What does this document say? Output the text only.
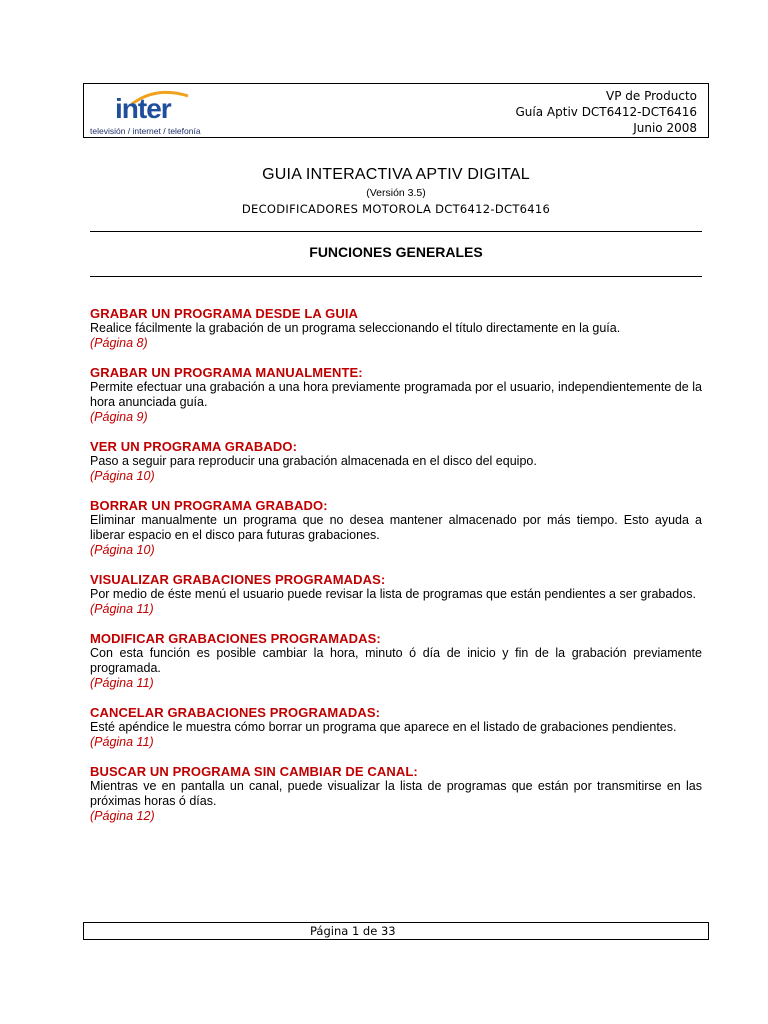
inter
televisión / internet / telefonía
VP de Producto
Guía Aptiv DCT6412-DCT6416
Junio 2008
GUIA INTERACTIVA APTIV DIGITAL
(Versión 3.5)
DECODIFICADORES MOTOROLA DCT6412-DCT6416
FUNCIONES GENERALES
GRABAR UN PROGRAMA DESDE LA GUIA
Realice fácilmente la grabación de un programa seleccionando el título directamente en la guía.
(Página 8)
GRABAR UN PROGRAMA MANUALMENTE:
Permite efectuar una grabación a una hora previamente programada por el usuario, independientemente de la hora anunciada guía.
(Página 9)
VER UN PROGRAMA GRABADO:
Paso a seguir para reproducir una grabación almacenada en el disco del equipo.
(Página 10)
BORRAR UN PROGRAMA GRABADO:
Eliminar manualmente un programa que no desea mantener almacenado por más tiempo. Esto ayuda a liberar espacio en el disco para futuras grabaciones.
(Página 10)
VISUALIZAR GRABACIONES PROGRAMADAS:
Por medio de éste menú el usuario puede revisar la lista de programas que están pendientes a ser grabados.
(Página 11)
MODIFICAR GRABACIONES PROGRAMADAS:
Con esta función es posible cambiar la hora, minuto ó día de inicio y fin de la grabación previamente programada.
(Página 11)
CANCELAR GRABACIONES PROGRAMADAS:
Esté apéndice le muestra cómo borrar un programa que aparece en el listado de grabaciones pendientes.
(Página 11)
BUSCAR UN PROGRAMA SIN CAMBIAR DE CANAL:
Mientras ve en pantalla un canal, puede visualizar la lista de programas que están por transmitirse en las próximas horas ó días.
(Página 12)
Página 1 de 33
